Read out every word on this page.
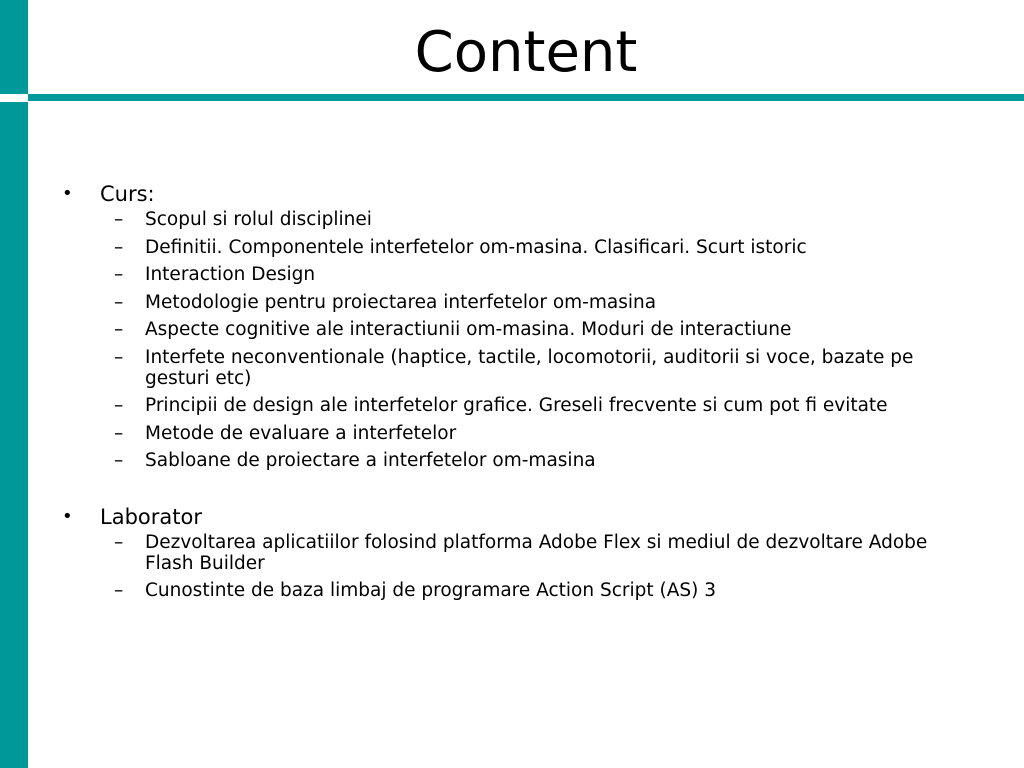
Content
• Curs:
– Scopul si rolul disciplinei
– Definitii. Componentele interfetelor om-masina. Clasificari. Scurt istoric
– Interaction Design
– Metodologie pentru proiectarea interfetelor om-masina
– Aspecte cognitive ale interactiunii om-masina. Moduri de interactiune
– Interfete neconventionale (haptice, tactile, locomotorii, auditorii si voce, bazate pe gesturi etc)
– Principii de design ale interfetelor grafice. Greseli frecvente si cum pot fi evitate
– Metode de evaluare a interfetelor
– Sabloane de proiectare a interfetelor om-masina
• Laborator
– Dezvoltarea aplicatiilor folosind platforma Adobe Flex si mediul de dezvoltare Adobe Flash Builder
– Cunostinte de baza limbaj de programare Action Script (AS) 3
